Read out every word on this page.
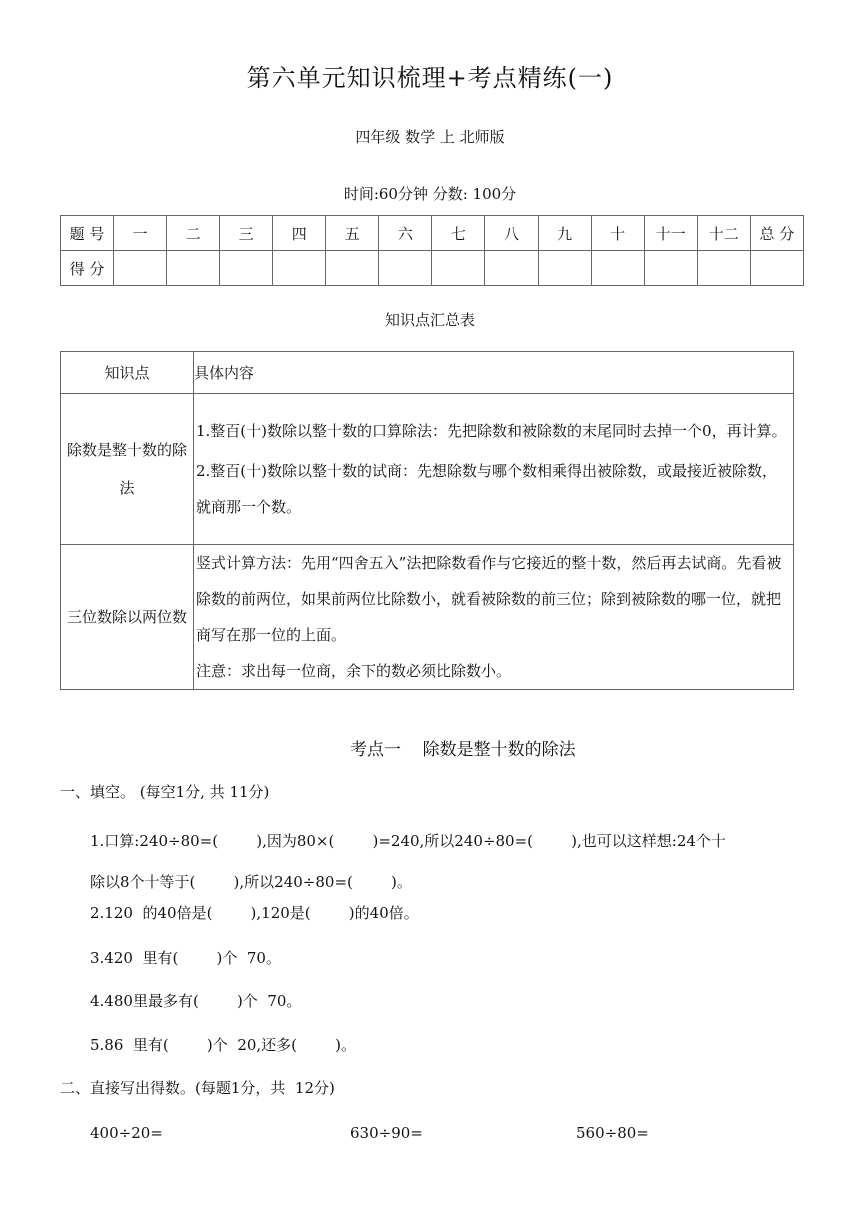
第六单元知识梳理+考点精练(一)
四年级 数学 上 北师版
时间:60分钟 分数: 100分
题 号	一	二	三	四	五	六	七	八	九	十	十一	十二	总 分
得 分													
知识点汇总表
知识点	具体内容
除数是整十数的除法	1.整百(十)数除以整十数的口算除法：先把除数和被除数的末尾同时去掉一个0，再计算。
2.整百(十)数除以整十数的试商：先想除数与哪个数相乘得出被除数，或最接近被除数，就商那一个数。

三位数除以两位数	竖式计算方法：先用“四舍五入”法把除数看作与它接近的整十数，然后再去试商。先看被除数的前两位，如果前两位比除数小，就看被除数的前三位；除到被除数的哪一位，就把商写在那一位的上面。
注意：求出每一位商，余下的数必须比除数小。
考点一    除数是整十数的除法
一、填空。 (每空1分, 共 11分)
1.口算:240÷80=(        ),因为80×(        )=240,所以240÷80=(        ),也可以这样想:24个十
除以8个十等于(        ),所以240÷80=(        )。
2.120  的40倍是(        ),120是(        )的40倍。
3.420  里有(        )个  70。
4.480里最多有(        )个  70。
5.86  里有(        )个  20,还多(        )。
二、直接写出得数。(每题1分，共  12分)
400÷20=	630÷90=	560÷80=
